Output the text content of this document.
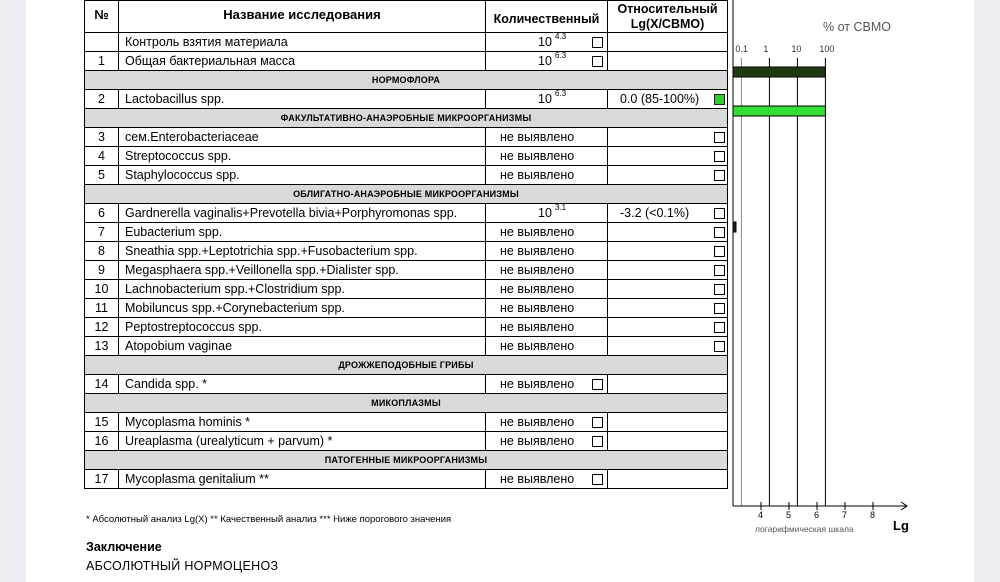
№	Название исследования	Количественный	Относительный
Lg(X/СВМО)

	Контроль взятия материала	10 4.3	

1	Общая бактериальная масса	10 6.3	

НОРМОФЛОРА			
2	Lactobacillus spp.	10 6.3	0.0 (85-100%)

ФАКУЛЬТАТИВНО-АНАЭРОБНЫЕ МИКРООРГАНИЗМЫ			
3	сем.Enterobacteriaceae	не выявлено	

4	Streptococcus spp.	не выявлено	

5	Staphylococcus spp.	не выявлено	

ОБЛИГАТНО-АНАЭРОБНЫЕ МИКРООРГАНИЗМЫ			
6	Gardnerella vaginalis+Prevotella bivia+Porphyromonas spp.	10 3.1	-3.2 (<0.1%)

7	Eubacterium spp.	не выявлено	

8	Sneathia spp.+Leptotrichia spp.+Fusobacterium spp.	не выявлено	

9	Megasphaera spp.+Veillonella spp.+Dialister spp.	не выявлено	

10	Lachnobacterium spp.+Clostridium spp.	не выявлено	

11	Mobiluncus spp.+Corynebacterium spp.	не выявлено	

12	Peptostreptococcus spp.	не выявлено	

13	Atopobium vaginae	не выявлено	

ДРОЖЖЕПОДОБНЫЕ ГРИБЫ			
14	Candida spp. *	не выявлено	

МИКОПЛАЗМЫ			
15	Mycoplasma hominis *	не выявлено	

16	Ureaplasma (urealyticum + parvum) *	не выявлено	

ПАТОГЕННЫЕ МИКРООРГАНИЗМЫ			
17	Mycoplasma genitalium **	не выявлено	

* Абсолютный анализ Lg(X) ** Качественный анализ *** Ниже порогового значения
Заключение
АБСОЛЮТНЫЙ НОРМОЦЕНОЗ
% от СВМО
Lg
логарифмическая шкала
0.1 1	10 100
4	5	6	7	8
